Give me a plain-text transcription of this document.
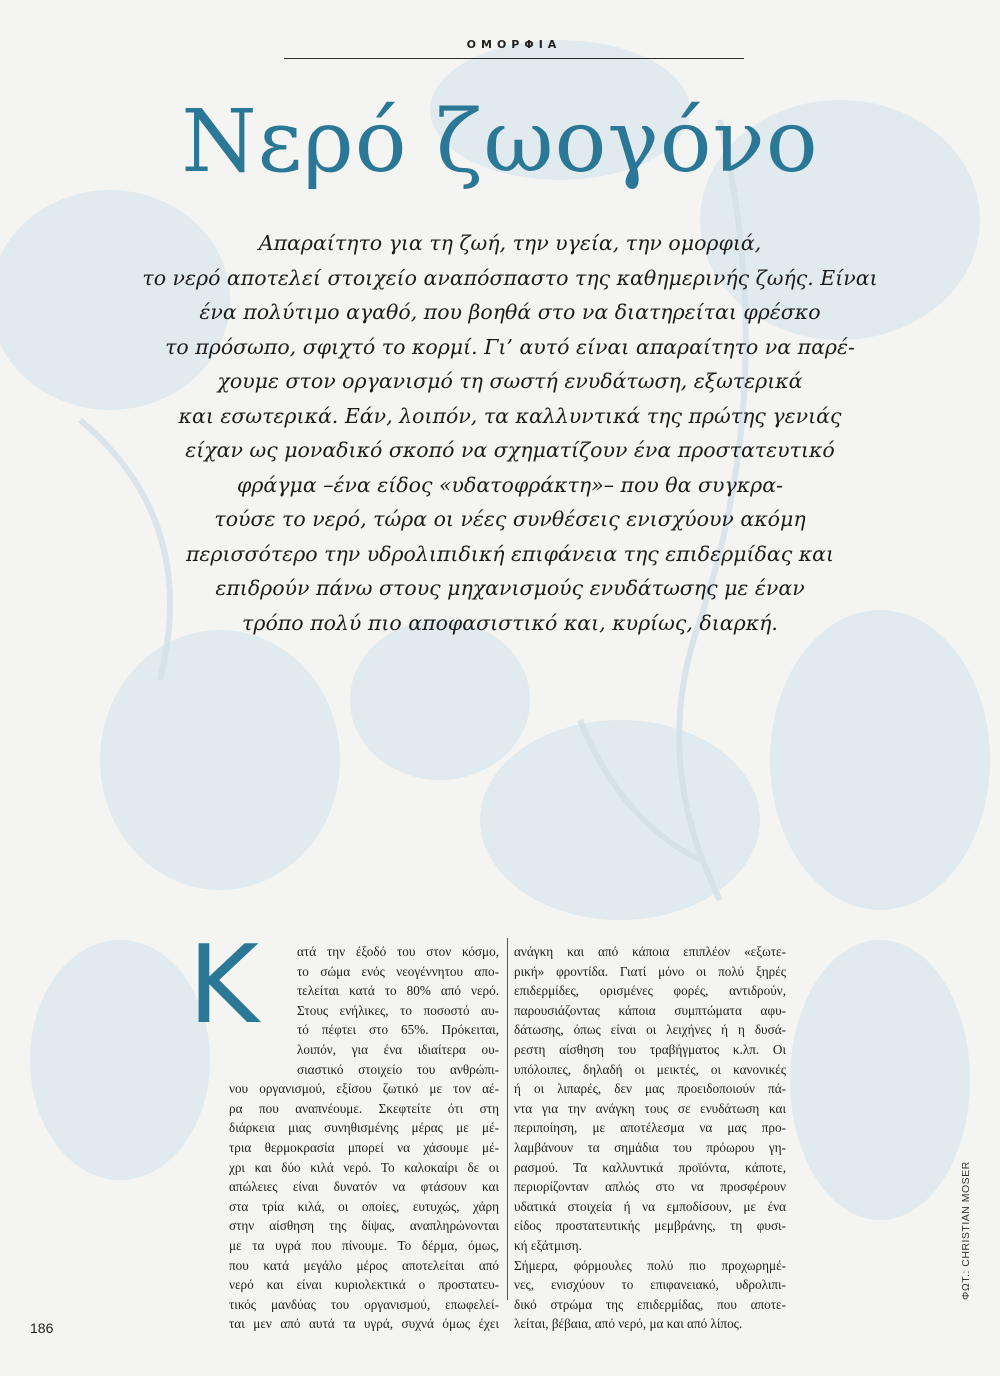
ΟΜΟΡΦΙΑ
Νερό ζωογόνο
Απαραίτητο για τη ζωή, την υγεία, την ομορφιά,
το νερό αποτελεί στοιχείο αναπόσπαστο της καθημερινής ζωής. Είναι
ένα πολύτιμο αγαθό, που βοηθά στο να διατηρείται φρέσκο
το πρόσωπο, σφιχτό το κορμί. Γι’ αυτό είναι απαραίτητο να παρέ-
χουμε στον οργανισμό τη σωστή ενυδάτωση, εξωτερικά
και εσωτερικά. Εάν, λοιπόν, τα καλλυντικά της πρώτης γενιάς
είχαν ως μοναδικό σκοπό να σχηματίζουν ένα προστατευτικό
φράγμα –ένα είδος «υδατοφράκτη»– που θα συγκρα-
τούσε το νερό, τώρα οι νέες συνθέσεις ενισχύουν ακόμη
περισσότερο την υδρολιπιδική επιφάνεια της επιδερμίδας και
επιδρούν πάνω στους μηχανισμούς ενυδάτωσης με έναν
τρόπο πολύ πιο αποφασιστικό και, κυρίως, διαρκή.
Κ	ατά την έξοδό του στον κόσμο,
το σώμα ενός νεογέννητου απο-
τελείται κατά το 80% από νερό.
Στους ενήλικες, το ποσοστό αυ-
τό πέφτει στο 65%. Πρόκειται,
λοιπόν, για ένα ιδιαίτερα ου-
σιαστικό στοιχείο του ανθρώπι-
νου οργανισμού, εξίσου ζωτικό με τον αέ-
ρα που αναπνέουμε. Σκεφτείτε ότι στη
διάρκεια μιας συνηθισμένης μέρας με μέ-
τρια θερμοκρασία μπορεί να χάσουμε μέ-
χρι και δύο κιλά νερό. Το καλοκαίρι δε οι
απώλειες είναι δυνατόν να φτάσουν και
στα τρία κιλά, οι οποίες, ευτυχώς, χάρη
στην αίσθηση της δίψας, αναπληρώνονται
με τα υγρά που πίνουμε. Το δέρμα, όμως,
που κατά μεγάλο μέρος αποτελείται από
νερό και είναι κυριολεκτικά ο προστατευ-
τικός μανδύας του οργανισμού, επωφελεί-
ται μεν από αυτά τα υγρά, συχνά όμως έχει
ανάγκη και από κάποια επιπλέον «εξωτε-
ρική» φροντίδα. Γιατί μόνο οι πολύ ξηρές
επιδερμίδες, ορισμένες φορές, αντιδρούν,
παρουσιάζοντας κάποια συμπτώματα αφυ-
δάτωσης, όπως είναι οι λειχήνες ή η δυσά-
ρεστη αίσθηση του τραβήγματος κ.λπ. Οι
υπόλοιπες, δηλαδή οι μεικτές, οι κανονικές
ή οι λιπαρές, δεν μας προειδοποιούν πά-
ντα για την ανάγκη τους σε ενυδάτωση και
περιποίηση, με αποτέλεσμα να μας προ-
λαμβάνουν τα σημάδια του πρόωρου γη-
ρασμού. Τα καλλυντικά προϊόντα, κάποτε,
περιορίζονταν απλώς στο να προσφέρουν
υδατικά στοιχεία ή να εμποδίσουν, με ένα
είδος προστατευτικής μεμβράνης, τη φυσι-
κή εξάτμιση.
Σήμερα, φόρμουλες πολύ πιο προχωρημέ-
νες, ενισχύουν το επιφανειακό, υδρολιπι-
δικό στρώμα της επιδερμίδας, που αποτε-
λείται, βέβαια, από νερό, μα και από λίπος.
186
ΦΩΤ.: CHRISTIAN MOSER
